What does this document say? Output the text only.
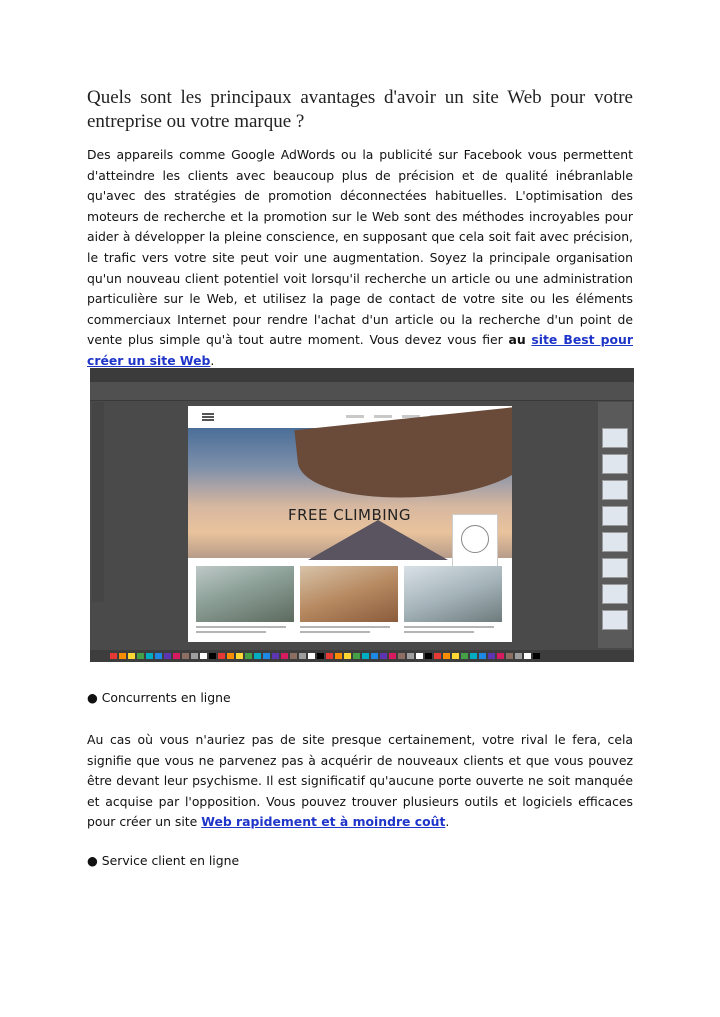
Quels sont les principaux avantages d'avoir un site Web pour votre entreprise ou votre marque ?

Des appareils comme Google AdWords ou la publicité sur Facebook vous permettent d'atteindre les clients avec beaucoup plus de précision et de qualité inébranlable qu'avec des stratégies de promotion déconnectées habituelles. L'optimisation des moteurs de recherche et la promotion sur le Web sont des méthodes incroyables pour aider à développer la pleine conscience, en supposant que cela soit fait avec précision, le trafic vers votre site peut voir une augmentation. Soyez la principale organisation qu'un nouveau client potentiel voit lorsqu'il recherche un article ou une administration particulière sur le Web, et utilisez la page de contact de votre site ou les éléments commerciaux Internet pour rendre l'achat d'un article ou la recherche d'un point de vente plus simple qu'à tout autre moment. Vous devez vous fier au site Best pour créer un site Web.

FREE CLIMBING

● Concurrents en ligne

Au cas où vous n'auriez pas de site presque certainement, votre rival le fera, cela signifie que vous ne parvenez pas à acquérir de nouveaux clients et que vous pouvez être devant leur psychisme. Il est significatif qu'aucune porte ouverte ne soit manquée et acquise par l'opposition. Vous pouvez trouver plusieurs outils et logiciels efficaces pour créer un site Web rapidement et à moindre coût.

● Service client en ligne
